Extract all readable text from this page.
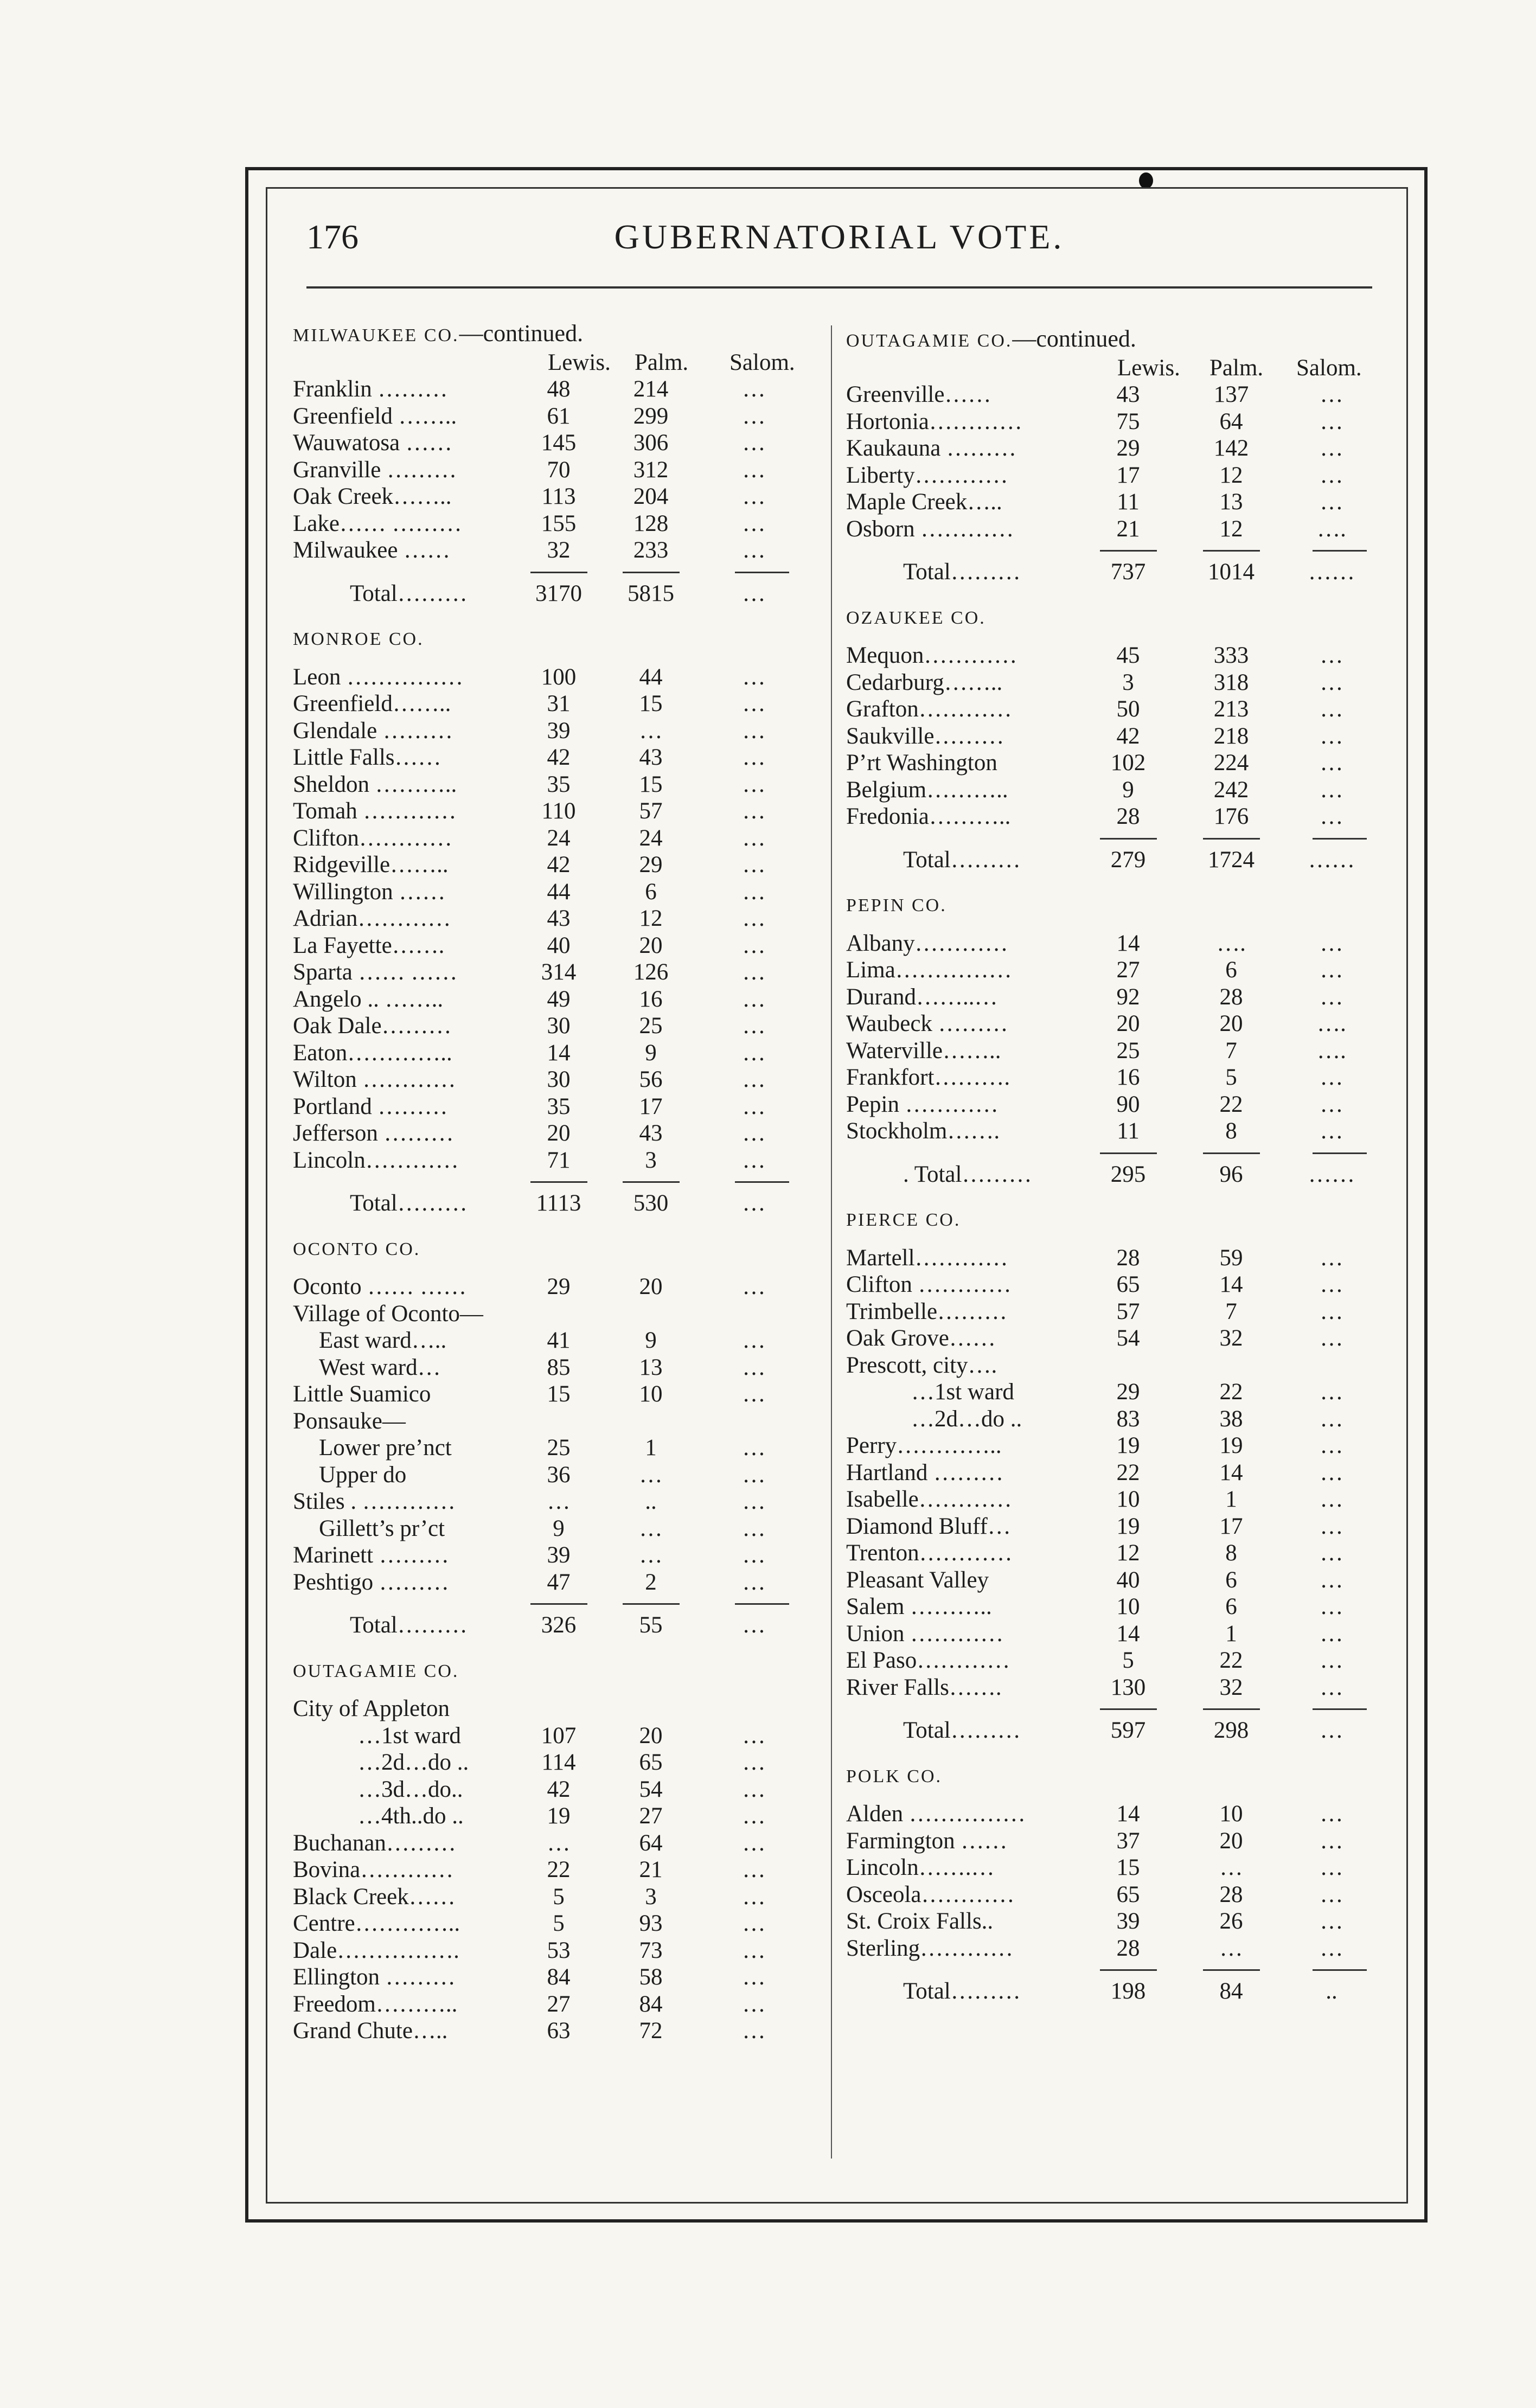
176	GUBERNATORIAL VOTE.
MILWAUKEE CO.—continued.
Lewis. Palm. Salom.
Franklin ………	48	214	…
Greenfield ……..	61	299	…
Wauwatosa ……	145	306	…
Granville ………	70	312	…
Oak Creek……..	113	204	…
Lake…… ………	155	128	…
Milwaukee ……	32	233	…
Total………	3170	5815	…
MONROE CO.
Leon ……………	100	44	…
Greenfield……..	31	15	…
Glendale ………	39	…	…
Little Falls……	42	43	…
Sheldon ………..	35	15	…
Tomah …………	110	57	…
Clifton…………	24	24	…
Ridgeville……..	42	29	…
Willington ……	44	6	…
Adrian…………	43	12	…
La Fayette…….	40	20	…
Sparta …… ……	314	126	…
Angelo .. ……..	49	16	…
Oak Dale………	30	25	…
Eaton…………..	14	9	…
Wilton …………	30	56	…
Portland ………	35	17	…
Jefferson ………	20	43	…
Lincoln…………	71	3	…
Total………	1113	530	…
OCONTO CO.
Oconto …… ……	29	20	…
Village of Oconto—
East ward…..	41	9	…
West ward…	85	13	…
Little Suamico	15	10	…
Ponsauke—
Lower pre’nct	25	1	…
Upper do	36	…	…
Stiles . …………	…	..	…
Gillett’s pr’ct	9	…	…
Marinett ………	39	…	…
Peshtigo ………	47	2	…
Total………	326	55	…
OUTAGAMIE CO.
City of Appleton
…1st ward	107	20	…
…2d…do ..	114	65	…
…3d…do..	42	54	…
…4th..do ..	19	27	…
Buchanan………	…	64	…
Bovina…………	22	21	…
Black Creek……	5	3	…
Centre…………..	5	93	…
Dale…………….	53	73	…
Ellington ………	84	58	…
Freedom………..	27	84	…
Grand Chute…..	63	72	…
OUTAGAMIE CO.—continued.
Lewis. Palm. Salom.
Greenville……	43	137	…
Hortonia…………	75	64	…
Kaukauna ………	29	142	…
Liberty…………	17	12	…
Maple Creek…..	11	13	…
Osborn …………	21	12	….
Total………	737	1014	……
OZAUKEE CO.
Mequon…………	45	333	…
Cedarburg……..	3	318	…
Grafton…………	50	213	…
Saukville………	42	218	…
P’rt Washington	102	224	…
Belgium………..	9	242	…
Fredonia………..	28	176	…
Total………	279	1724	……
PEPIN CO.
Albany…………	14	….	…
Lima……………	27	6	…
Durand……..…	92	28	…
Waubeck ………	20	20	….
Waterville……..	25	7	….
Frankfort……….	16	5	…
Pepin …………	90	22	…
Stockholm…….	11	8	…
. Total………	295	96	……
PIERCE CO.
Martell…………	28	59	…
Clifton …………	65	14	…
Trimbelle………	57	7	…
Oak Grove……	54	32	…
Prescott, city….
…1st ward	29	22	…
…2d…do ..	83	38	…
Perry…………..	19	19	…
Hartland ………	22	14	…
Isabelle…………	10	1	…
Diamond Bluff…	19	17	…
Trenton…………	12	8	…
Pleasant Valley	40	6	…
Salem ………..	10	6	…
Union …………	14	1	…
El Paso…………	5	22	…
River Falls…….	130	32	…
Total………	597	298	…
POLK CO.
Alden ……………	14	10	…
Farmington ……	37	20	…
Lincoln…….…	15	…	…
Osceola…………	65	28	…
St. Croix Falls..	39	26	…
Sterling…………	28	…	…
Total………	198	84	..
